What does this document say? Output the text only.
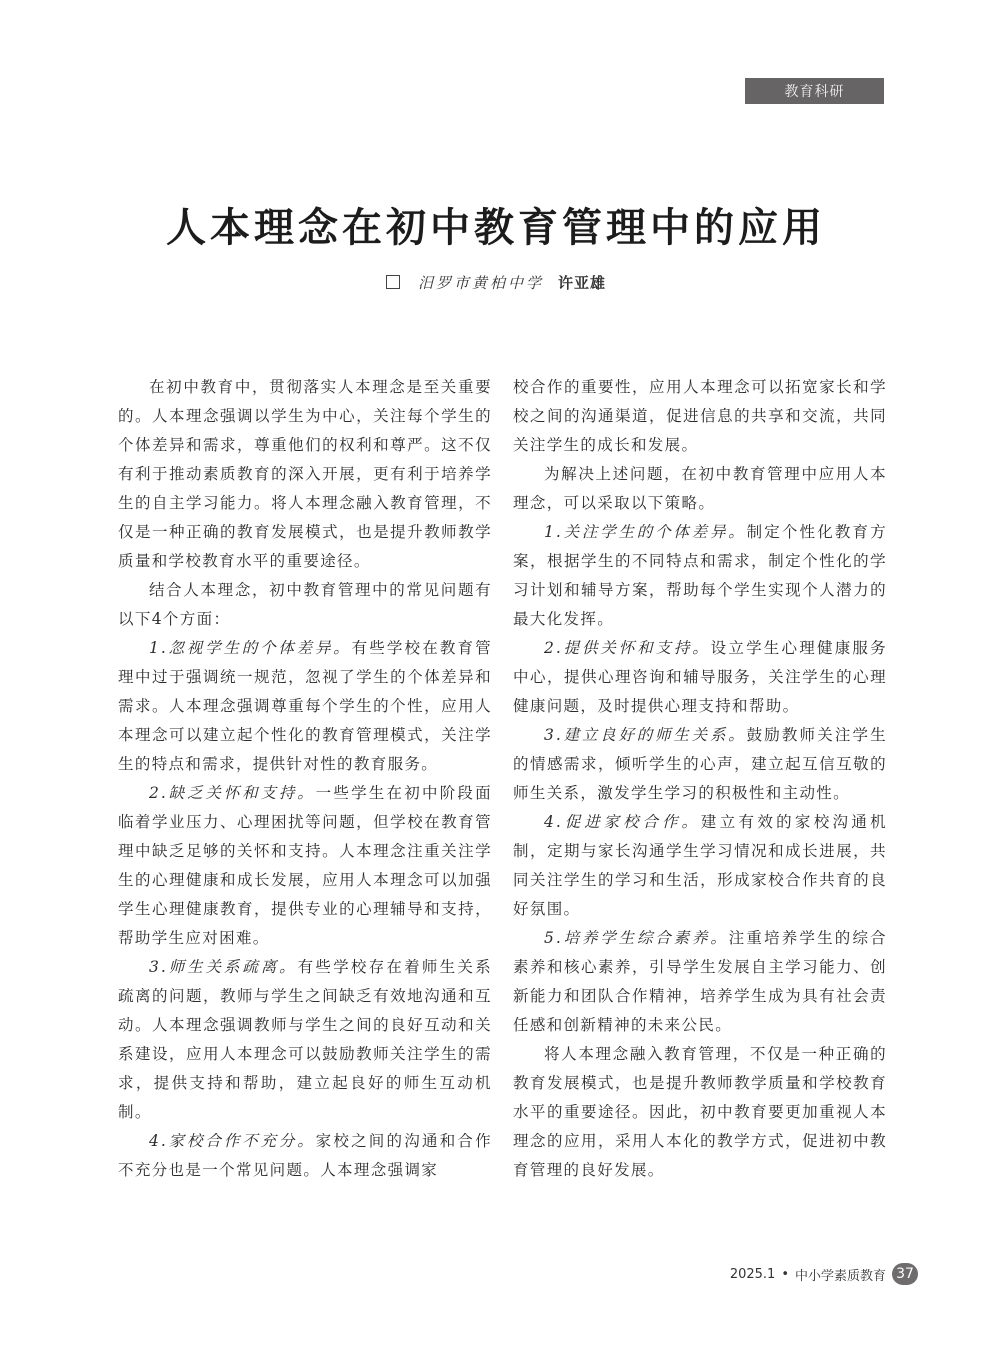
教育科研
人本理念在初中教育管理中的应用
汨罗市黄柏中学 许亚雄

在初中教育中，贯彻落实人本理念是至关重要的。人本理念强调以学生为中心，关注每个学生的个体差异和需求，尊重他们的权利和尊严。这不仅有利于推动素质教育的深入开展，更有利于培养学生的自主学习能力。将人本理念融入教育管理，不仅是一种正确的教育发展模式，也是提升教师教学质量和学校教育水平的重要途径。

结合人本理念，初中教育管理中的常见问题有以下4个方面：

1.忽视学生的个体差异。有些学校在教育管理中过于强调统一规范，忽视了学生的个体差异和需求。人本理念强调尊重每个学生的个性，应用人本理念可以建立起个性化的教育管理模式，关注学生的特点和需求，提供针对性的教育服务。

2.缺乏关怀和支持。一些学生在初中阶段面临着学业压力、心理困扰等问题，但学校在教育管理中缺乏足够的关怀和支持。人本理念注重关注学生的心理健康和成长发展，应用人本理念可以加强学生心理健康教育，提供专业的心理辅导和支持，帮助学生应对困难。

3.师生关系疏离。有些学校存在着师生关系疏离的问题，教师与学生之间缺乏有效地沟通和互动。人本理念强调教师与学生之间的良好互动和关系建设，应用人本理念可以鼓励教师关注学生的需求，提供支持和帮助，建立起良好的师生互动机制。

4.家校合作不充分。家校之间的沟通和合作不充分也是一个常见问题。人本理念强调家

校合作的重要性，应用人本理念可以拓宽家长和学校之间的沟通渠道，促进信息的共享和交流，共同关注学生的成长和发展。

为解决上述问题，在初中教育管理中应用人本理念，可以采取以下策略。

1.关注学生的个体差异。制定个性化教育方案，根据学生的不同特点和需求，制定个性化的学习计划和辅导方案，帮助每个学生实现个人潜力的最大化发挥。

2.提供关怀和支持。设立学生心理健康服务中心，提供心理咨询和辅导服务，关注学生的心理健康问题，及时提供心理支持和帮助。

3.建立良好的师生关系。鼓励教师关注学生的情感需求，倾听学生的心声，建立起互信互敬的师生关系，激发学生学习的积极性和主动性。

4.促进家校合作。建立有效的家校沟通机制，定期与家长沟通学生学习情况和成长进展，共同关注学生的学习和生活，形成家校合作共育的良好氛围。

5.培养学生综合素养。注重培养学生的综合素养和核心素养，引导学生发展自主学习能力、创新能力和团队合作精神，培养学生成为具有社会责任感和创新精神的未来公民。

将人本理念融入教育管理，不仅是一种正确的教育发展模式，也是提升教师教学质量和学校教育水平的重要途径。因此，初中教育要更加重视人本理念的应用，采用人本化的教学方式，促进初中教育管理的良好发展。

2025.1 • 中小学素质教育 37
